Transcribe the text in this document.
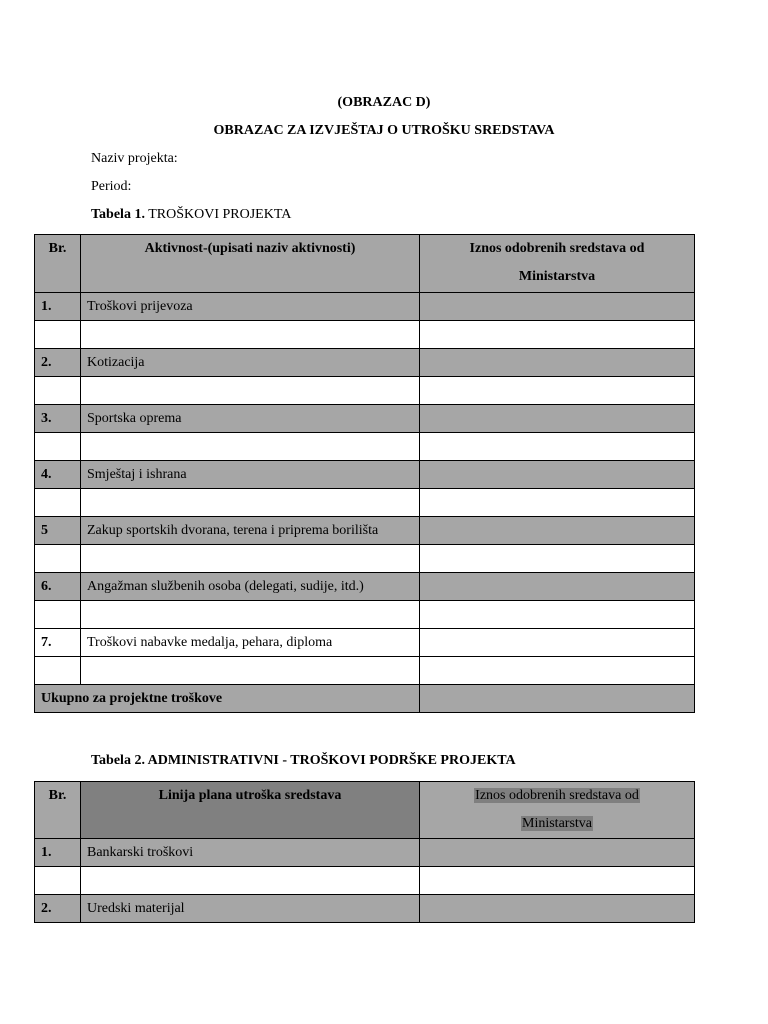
(OBRAZAC D)
OBRAZAC ZA IZVJEŠTAJ O UTROŠKU SREDSTAVA
Naziv projekta:
Period:
Tabela 1. TROŠKOVI PROJEKTA
Br.	Aktivnost-(upisati naziv aktivnosti)	Iznos odobrenih sredstava od
Ministarstva

1.	Troškovi prijevoza	

2.	Kotizacija	

3.	Sportska oprema	

4.	Smještaj i ishrana	

5	Zakup sportskih dvorana, terena i priprema borilišta	

6.	Angažman službenih osoba (delegati, sudije, itd.)	

7.	Troškovi nabavke medalja, pehara, diploma	

Ukupno za projektne troškove		
Tabela 2. ADMINISTRATIVNI - TROŠKOVI PODRŠKE PROJEKTA
Br.	Linija plana utroška sredstava	Iznos odobrenih sredstava od
Ministarstva

1.	Bankarski troškovi	

2.	Uredski materijal	
